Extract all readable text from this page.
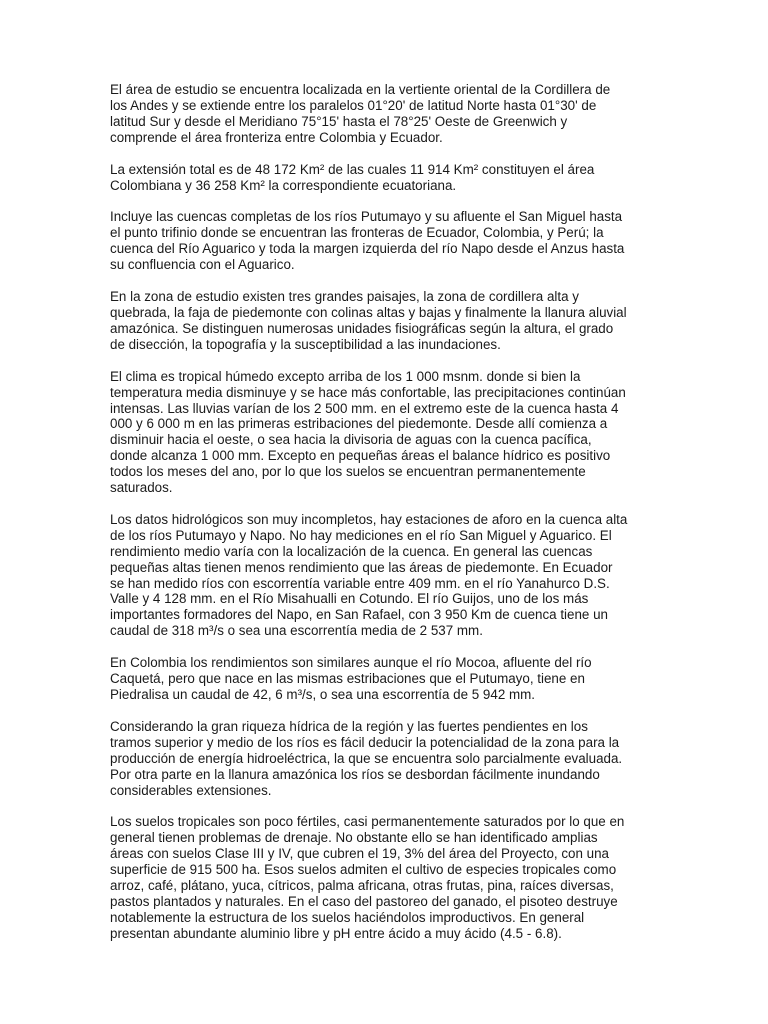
El área de estudio se encuentra localizada en la vertiente oriental de la Cordillera de los Andes y se extiende entre los paralelos 01°20' de latitud Norte hasta 01°30' de latitud Sur y desde el Meridiano 75°15' hasta el 78°25' Oeste de Greenwich y comprende el área fronteriza entre Colombia y Ecuador.

La extensión total es de 48 172 Km² de las cuales 11 914 Km² constituyen el área Colombiana y 36 258 Km² la correspondiente ecuatoriana.

Incluye las cuencas completas de los ríos Putumayo y su afluente el San Miguel hasta el punto trifinio donde se encuentran las fronteras de Ecuador, Colombia, y Perú; la cuenca del Río Aguarico y toda la margen izquierda del río Napo desde el Anzus hasta su confluencia con el Aguarico.

En la zona de estudio existen tres grandes paisajes, la zona de cordillera alta y quebrada, la faja de piedemonte con colinas altas y bajas y finalmente la llanura aluvial amazónica. Se distinguen numerosas unidades fisiográficas según la altura, el grado de disección, la topografía y la susceptibilidad a las inundaciones.

El clima es tropical húmedo excepto arriba de los 1 000 msnm. donde si bien la temperatura media disminuye y se hace más confortable, las precipitaciones continúan intensas. Las lluvias varían de los 2 500 mm. en el extremo este de la cuenca hasta 4 000 y 6 000 m en las primeras estribaciones del piedemonte. Desde allí comienza a disminuir hacia el oeste, o sea hacia la divisoria de aguas con la cuenca pacífica, donde alcanza 1 000 mm. Excepto en pequeñas áreas el balance hídrico es positivo todos los meses del ano, por lo que los suelos se encuentran permanentemente saturados.

Los datos hidrológicos son muy incompletos, hay estaciones de aforo en la cuenca alta de los ríos Putumayo y Napo. No hay mediciones en el río San Miguel y Aguarico. El rendimiento medio varía con la localización de la cuenca. En general las cuencas pequeñas altas tienen menos rendimiento que las áreas de piedemonte. En Ecuador se han medido ríos con escorrentía variable entre 409 mm. en el río Yanahurco D.S. Valle y 4 128 mm. en el Río Misahualli en Cotundo. El río Guijos, uno de los más importantes formadores del Napo, en San Rafael, con 3 950 Km de cuenca tiene un caudal de 318 m³/s o sea una escorrentía media de 2 537 mm.

En Colombia los rendimientos son similares aunque el río Mocoa, afluente del río Caquetá, pero que nace en las mismas estribaciones que el Putumayo, tiene en Piedralisa un caudal de 42, 6 m³/s, o sea una escorrentía de 5 942 mm.

Considerando la gran riqueza hídrica de la región y las fuertes pendientes en los tramos superior y medio de los ríos es fácil deducir la potencialidad de la zona para la producción de energía hidroeléctrica, la que se encuentra solo parcialmente evaluada. Por otra parte en la llanura amazónica los ríos se desbordan fácilmente inundando considerables extensiones.

Los suelos tropicales son poco fértiles, casi permanentemente saturados por lo que en general tienen problemas de drenaje. No obstante ello se han identificado amplias áreas con suelos Clase III y IV, que cubren el 19, 3% del área del Proyecto, con una superficie de 915 500 ha. Esos suelos admiten el cultivo de especies tropicales como arroz, café, plátano, yuca, cítricos, palma africana, otras frutas, pina, raíces diversas, pastos plantados y naturales. En el caso del pastoreo del ganado, el pisoteo destruye notablemente la estructura de los suelos haciéndolos improductivos. En general presentan abundante aluminio libre y pH entre ácido a muy ácido (4.5 - 6.8).
